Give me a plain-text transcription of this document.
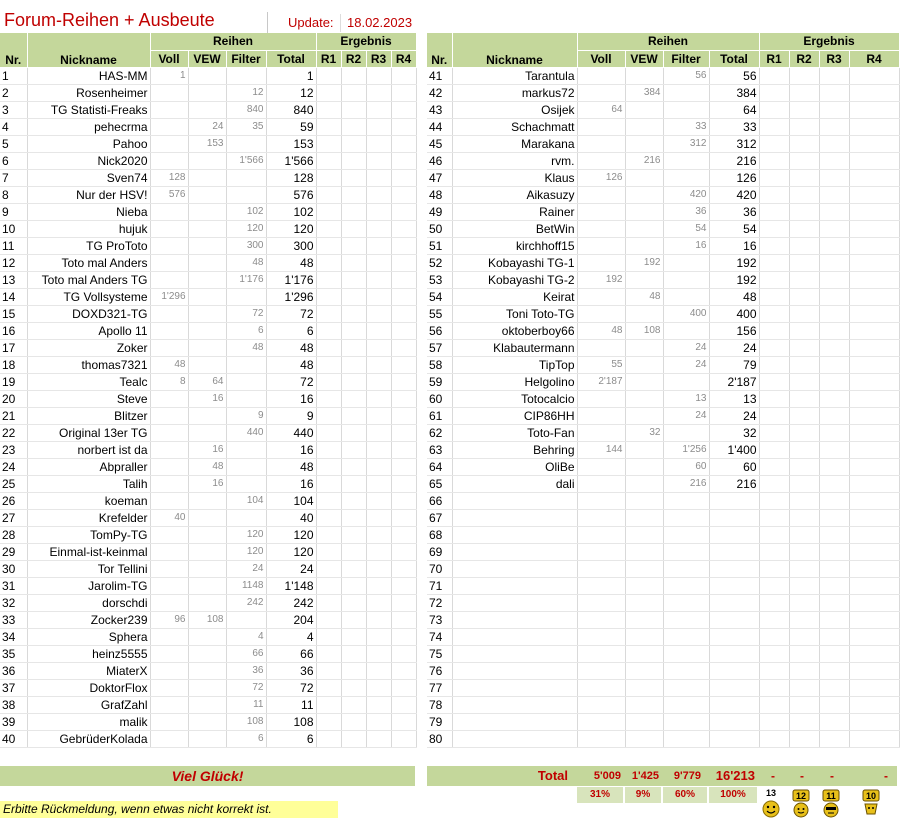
Forum-Reihen + Ausbeute	Update: 18.02.2023
Nr.	Nickname	Reihen				Ergebnis			
		Voll	VEW	Filter	Total	R1	R2	R3	R4
1	HAS-MM	1			1				
2	Rosenheimer			12	12				
3	TG Statisti-Freaks			840	840				
4	pehecrma		24	35	59				
5	Pahoo		153		153				
6	Nick2020			1'566	1'566				
7	Sven74	128			128				
8	Nur der HSV!	576			576				
9	Nieba			102	102				
10	hujuk			120	120				
11	TG ProToto			300	300				
12	Toto mal Anders			48	48				
13	Toto mal Anders TG			1'176	1'176				
14	TG Vollsysteme	1'296			1'296				
15	DOXD321-TG			72	72				
16	Apollo 11			6	6				
17	Zoker			48	48				
18	thomas7321	48			48				
19	Tealc	8	64		72				
20	Steve		16		16				
21	Blitzer			9	9				
22	Original 13er TG			440	440				
23	norbert ist da		16		16				
24	Abpraller		48		48				
25	Talih		16		16				
26	koeman			104	104				
27	Krefelder	40			40				
28	TomPy-TG			120	120				
29	Einmal-ist-keinmal			120	120				
30	Tor Tellini			24	24				
31	Jarolim-TG			1148	1'148				
32	dorschdi			242	242				
33	Zocker239	96	108		204				
34	Sphera			4	4				
35	heinz5555			66	66				
36	MiaterX			36	36				
37	DoktorFlox			72	72				
38	GrafZahl			11	11				
39	malik			108	108				
40	GebrüderKolada			6	6				
Nr.	Nickname	Reihen				Ergebnis			
		Voll	VEW	Filter	Total	R1	R2	R3	R4
41	Tarantula			56	56				
42	markus72		384		384				
43	Osijek	64			64				
44	Schachmatt			33	33				
45	Marakana			312	312				
46	rvm.		216		216				
47	Klaus	126			126				
48	Aikasuzy			420	420				
49	Rainer			36	36				
50	BetWin			54	54				
51	kirchhoff15			16	16				
52	Kobayashi TG-1		192		192				
53	Kobayashi TG-2	192			192				
54	Keirat		48		48				
55	Toni Toto-TG			400	400				
56	oktoberboy66	48	108		156				
57	Klabautermann			24	24				
58	TipTop	55		24	79				
59	Helgolino	2'187			2'187				
60	Totocalcio			13	13				
61	CIP86HH			24	24				
62	Toto-Fan		32		32				
63	Behring	144		1'256	1'400				
64	OliBe			60	60				
65	dali			216	216				
66									
67									
68									
69									
70									
71									
72									
73									
74									
75									
76									
77									
78									
79									
80									
Viel Glück!	Total	5'009 1'425	9'779	16'213	-	-	-	-
31%	9%	60%	100%
Erbitte Rückmeldung, wenn etwas nicht korrekt ist.
13 12 11	10
